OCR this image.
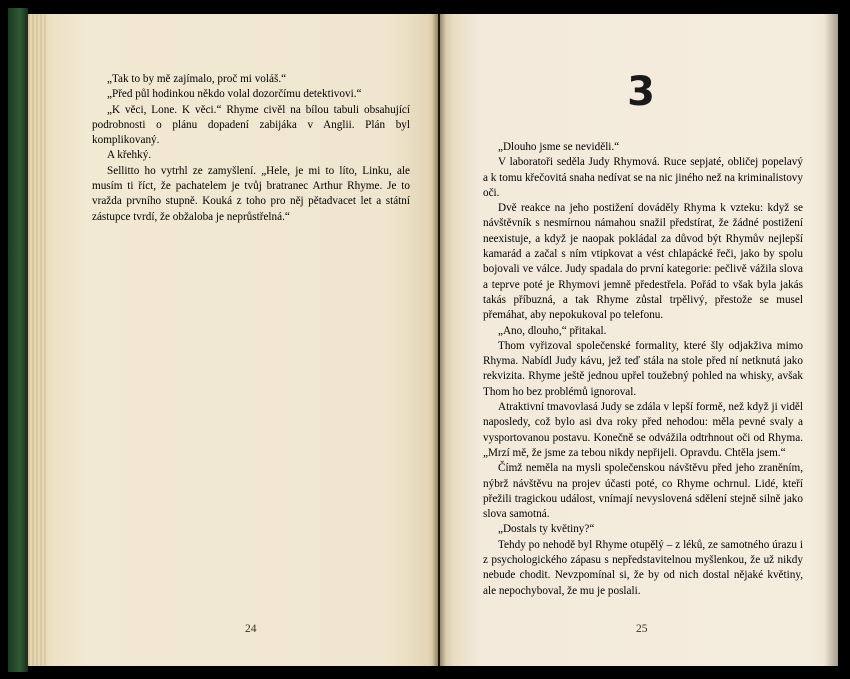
„Tak to by mě zajímalo, proč mi voláš.“

„Před půl hodinkou někdo volal dozorčímu detektivovi.“

„K věci, Lone. K věci.“ Rhyme civěl na bílou tabuli obsahující podrobnosti o plánu dopadení zabijáka v Anglii. Plán byl komplikovaný.

A křehký.

Sellitto ho vytrhl ze zamyšlení. „Hele, je mi to líto, Linku, ale musím ti říct, že pachatelem je tvůj bratranec Arthur Rhyme. Je to vražda prvního stupně. Kouká z toho pro něj pětadvacet let a státní zástupce tvrdí, že obžaloba je neprůstřelná.“

24
3

„Dlouho jsme se neviděli.“

V laboratoři seděla Judy Rhymová. Ruce sepjaté, obličej popelavý a k tomu křečovitá snaha nedívat se na nic jiného než na kriminalistovy oči.

Dvě reakce na jeho postižení dováděly Rhyma k vzteku: když se návštěvník s nesmírnou námahou snažil předstírat, že žádné postižení neexistuje, a když je naopak pokládal za důvod být Rhymův nejlepší kamarád a začal s ním vtipkovat a vést chlapácké řeči, jako by spolu bojovali ve válce. Judy spadala do první kategorie: pečlivě vážila slova a teprve poté je Rhymovi jemně předestřela. Pořád to však byla jakás takás příbuzná, a tak Rhyme zůstal trpělivý, přestože se musel přemáhat, aby nepokukoval po telefonu.

„Ano, dlouho,“ přitakal.

Thom vyřizoval společenské formality, které šly odjakživa mimo Rhyma. Nabídl Judy kávu, jež teď stála na stole před ní netknutá jako rekvizita. Rhyme ještě jednou upřel toužebný pohled na whisky, avšak Thom ho bez problémů ignoroval.

Atraktivní tmavovlasá Judy se zdála v lepší formě, než když ji viděl naposledy, což bylo asi dva roky před nehodou: měla pevné svaly a vysportovanou postavu. Konečně se odvážila odtrhnout oči od Rhyma. „Mrzí mě, že jsme za tebou nikdy nepřijeli. Opravdu. Chtěla jsem.“

Čímž neměla na mysli společenskou návštěvu před jeho zraněním, nýbrž návštěvu na projev účasti poté, co Rhyme ochrnul. Lidé, kteří přežili tragickou událost, vnímají nevyslovená sdělení stejně silně jako slova samotná.

„Dostals ty květiny?“

Tehdy po nehodě byl Rhyme otupělý – z léků, ze samotného úrazu i z psychologického zápasu s nepředstavitelnou myšlenkou, že už nikdy nebude chodit. Nevzpomínal si, že by od nich dostal nějaké květiny, ale nepochyboval, že mu je poslali.

25
